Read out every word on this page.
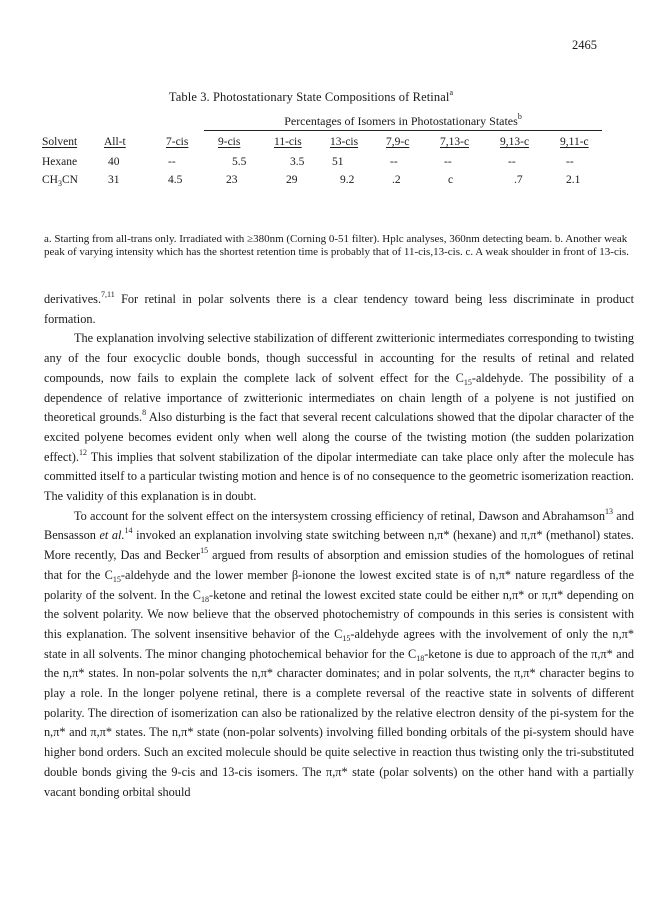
2465
Table 3. Photostationary State Compositions of Retinal$^a$
Percentages of Isomers in Photostationary States$^b$
Solvent	All-t	7-cis	9-cis	11-cis	13-cis	7,9-c	7,13-c	9,13-c	9,11-c
Hexane	40	--	5.5	3.5	51	--	--	--	--
$CH_3CN$	31	4.5	23	29	9.2	.2	c	.7	2.1
a. Starting from all-trans only. Irradiated with ≥380nm (Corning 0-51 filter). Hplc analyses, 360nm detecting beam. b. Another weak peak of varying intensity which has the shortest retention time is probably that of 11-cis,13-cis. c. A weak shoulder in front of 13-cis.

derivatives.$^{7,11}$ For retinal in polar solvents there is a clear tendency toward being less discriminate in product formation.

The explanation involving selective stabilization of different zwitterionic intermediates corresponding to twisting any of the four exocyclic double bonds, though successful in accounting for the results of retinal and related compounds, now fails to explain the complete lack of solvent effect for the $C_{15}$-aldehyde. The possibility of a dependence of relative importance of zwitterionic intermediates on chain length of a polyene is not justified on theoretical grounds.$^8$ Also disturbing is the fact that several recent calculations showed that the dipolar character of the excited polyene becomes evident only when well along the course of the twisting motion (the sudden polarization effect).$^{12}$ This implies that solvent stabilization of the dipolar intermediate can take place only after the molecule has committed itself to a particular twisting motion and hence is of no consequence to the geometric isomerization reaction. The validity of this explanation is in doubt.

To account for the solvent effect on the intersystem crossing efficiency of retinal, Dawson and Abrahamson$^{13}$ and Bensasson et al.$^{14}$ invoked an explanation involving state switching between n,π* (hexane) and π,π* (methanol) states. More recently, Das and Becker$^{15}$ argued from results of absorption and emission studies of the homologues of retinal that for the $C_{15}$-aldehyde and the lower member β-ionone the lowest excited state is of n,π* nature regardless of the polarity of the solvent. In the $C_{18}$-ketone and retinal the lowest excited state could be either n,π* or π,π* depending on the solvent polarity. We now believe that the observed photochemistry of compounds in this series is consistent with this explanation. The solvent insensitive behavior of the $C_{15}$-aldehyde agrees with the involvement of only the n,π* state in all solvents. The minor changing photochemical behavior for the $C_{18}$-ketone is due to approach of the π,π* and the n,π* states. In non-polar solvents the n,π* character dominates; and in polar solvents, the π,π* character begins to play a role. In the longer polyene retinal, there is a complete reversal of the reactive state in solvents of different polarity. The direction of isomerization can also be rationalized by the relative electron density of the pi-system for the n,π* and π,π* states. The n,π* state (non-polar solvents) involving filled bonding orbitals of the pi-system should have higher bond orders. Such an excited molecule should be quite selective in reaction thus twisting only the tri-substituted double bonds giving the 9-cis and 13-cis isomers. The π,π* state (polar solvents) on the other hand with a partially vacant bonding orbital should
